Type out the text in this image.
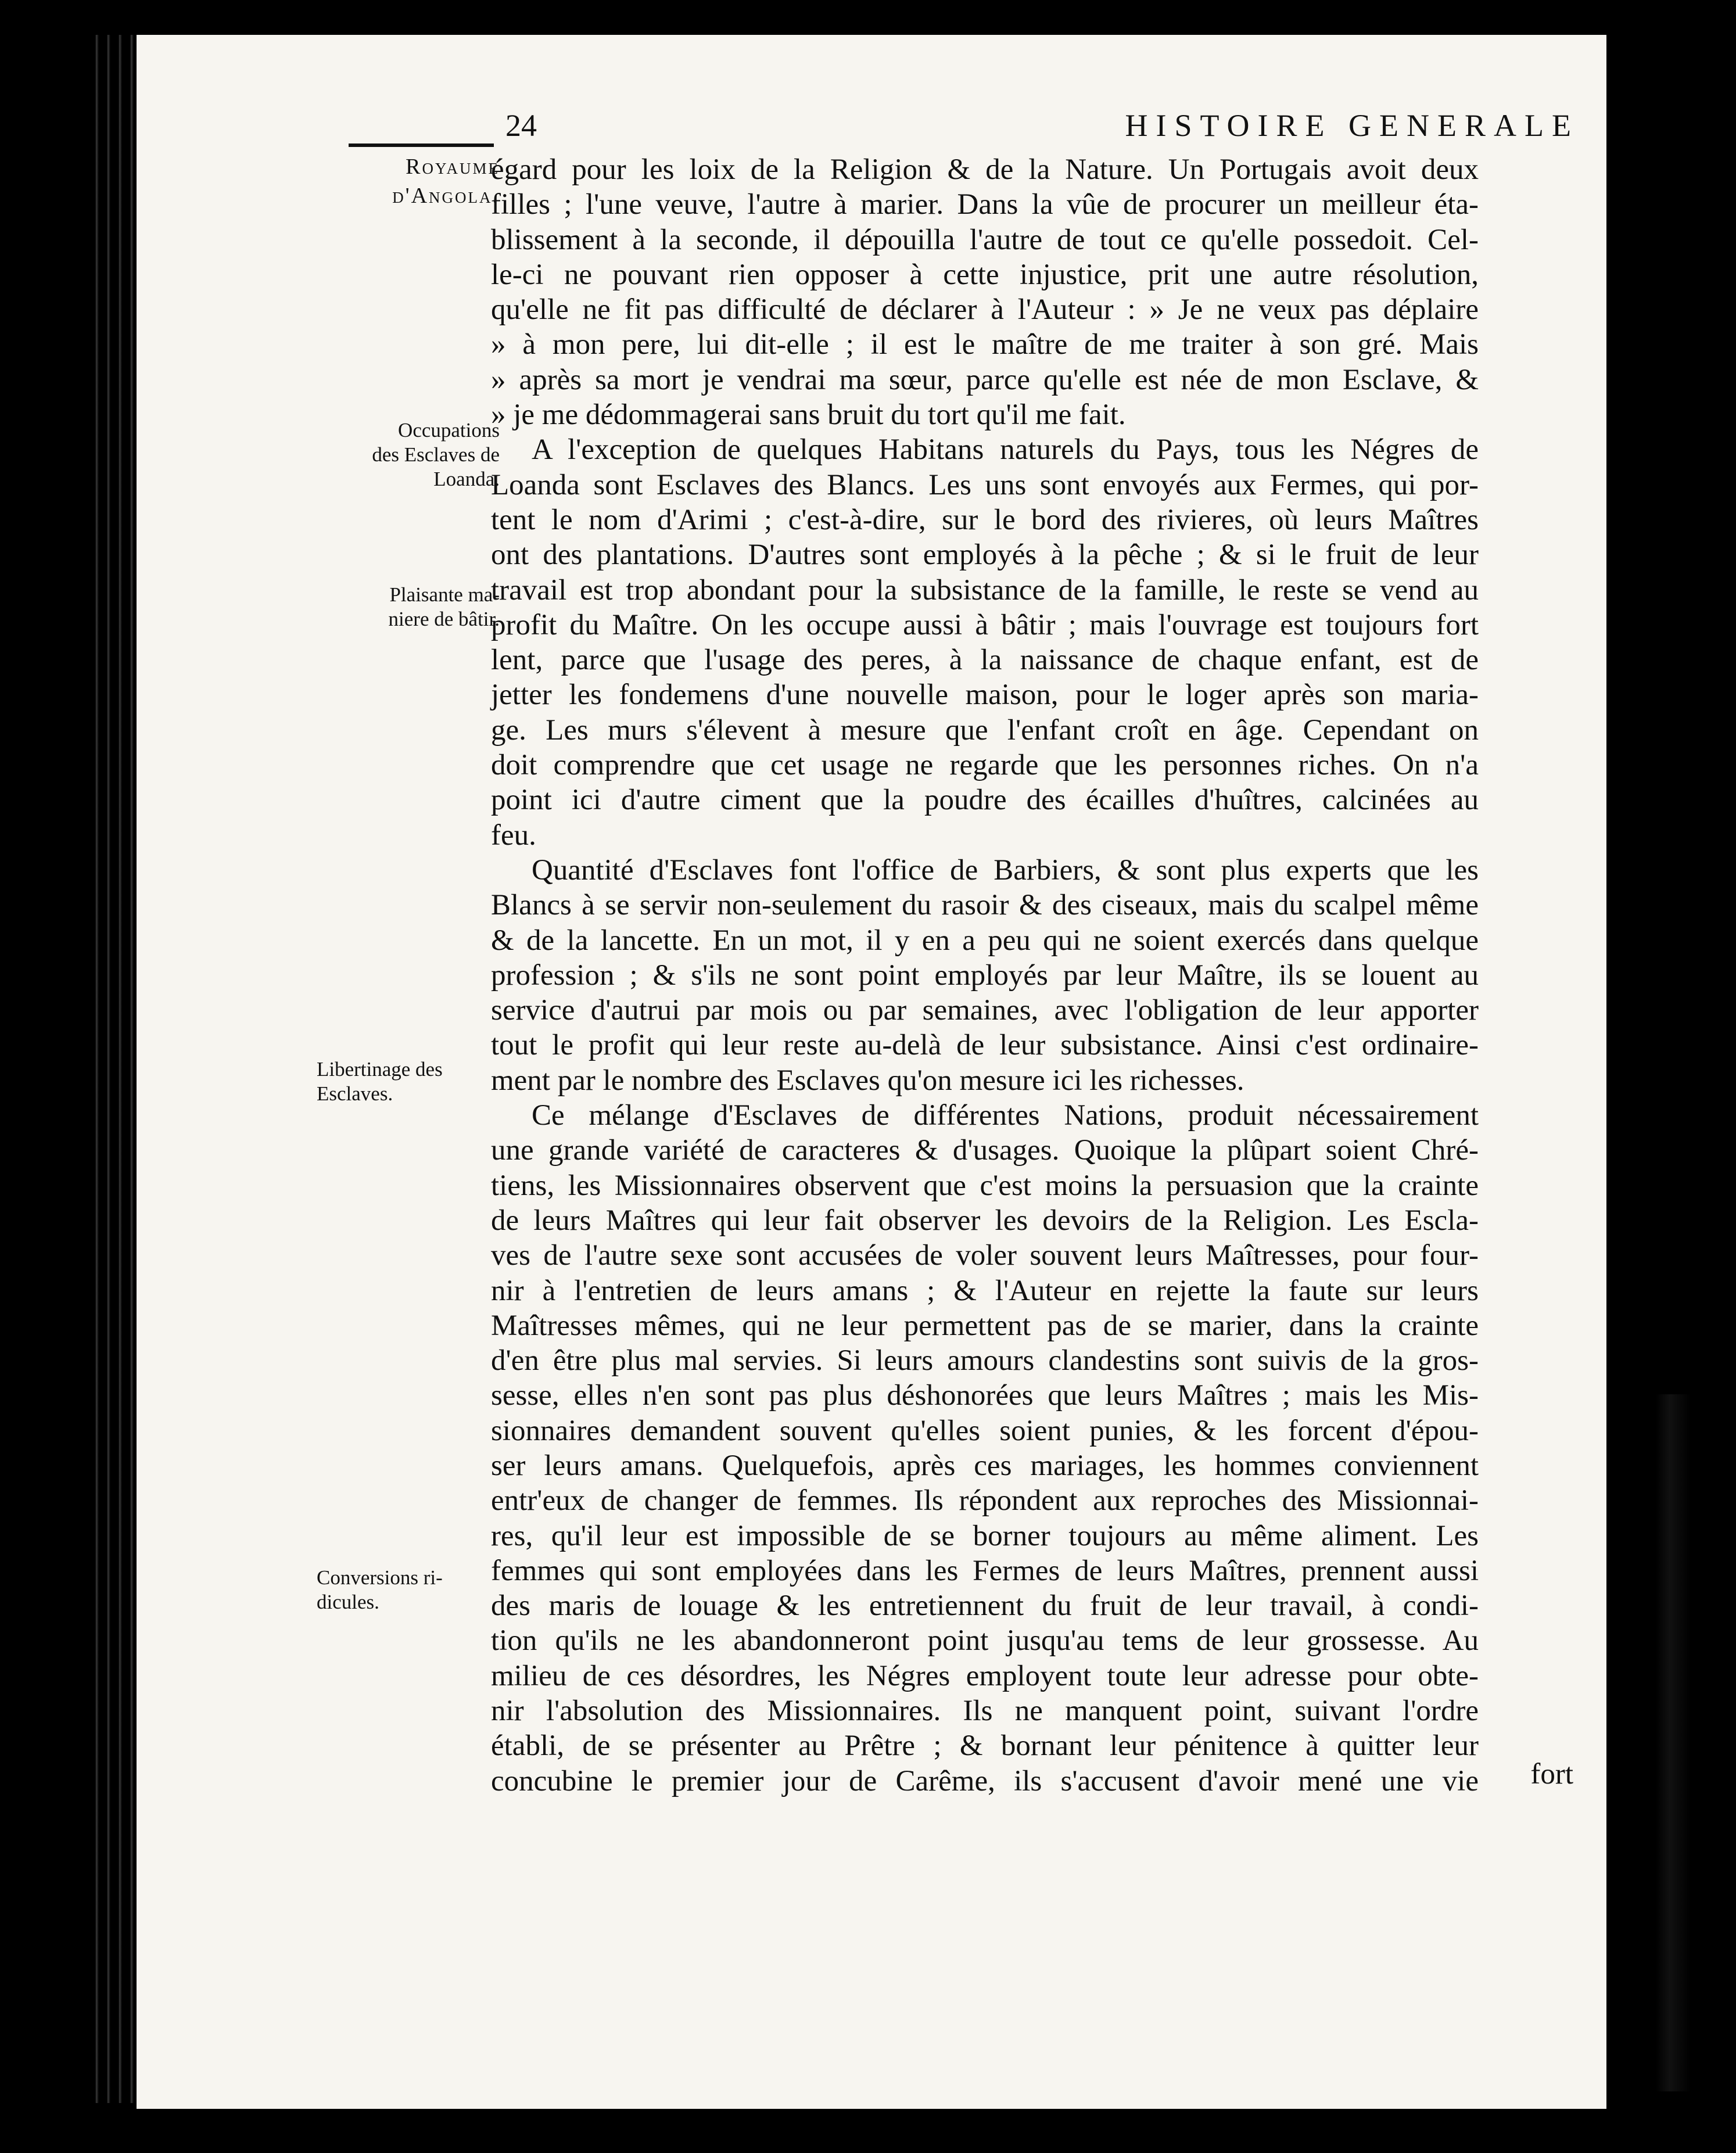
24	HISTOIRE GENERALE
Royaume
d'Angola.
Occupations
des Esclaves de
Loanda.
Plaisante ma-
niere de bâtir.
Libertinage des
Esclaves.
Conversions ri-
dicules.

égard pour les loix de la Religion & de la Nature. Un Portugais avoit deux

filles ; l'une veuve, l'autre à marier. Dans la vûe de procurer un meilleur éta-

blissement à la seconde, il dépouilla l'autre de tout ce qu'elle possedoit. Cel-

le-ci ne pouvant rien opposer à cette injustice, prit une autre résolution,

qu'elle ne fit pas difficulté de déclarer à l'Auteur : » Je ne veux pas déplaire

» à mon pere, lui dit-elle ; il est le maître de me traiter à son gré. Mais

» après sa mort je vendrai ma sœur, parce qu'elle est née de mon Esclave, &

» je me dédommagerai sans bruit du tort qu'il me fait.

A l'exception de quelques Habitans naturels du Pays, tous les Négres de

Loanda sont Esclaves des Blancs. Les uns sont envoyés aux Fermes, qui por-

tent le nom d'Arimi ; c'est-à-dire, sur le bord des rivieres, où leurs Maîtres

ont des plantations. D'autres sont employés à la pêche ; & si le fruit de leur

travail est trop abondant pour la subsistance de la famille, le reste se vend au

profit du Maître. On les occupe aussi à bâtir ; mais l'ouvrage est toujours fort

lent, parce que l'usage des peres, à la naissance de chaque enfant, est de

jetter les fondemens d'une nouvelle maison, pour le loger après son mariа-

ge. Les murs s'élevent à mesure que l'enfant croît en âge. Cependant on

doit comprendre que cet usage ne regarde que les personnes riches. On n'a

point ici d'autre ciment que la poudre des écailles d'huîtres, calcinées au

feu.

Quantité d'Esclaves font l'office de Barbiers, & sont plus experts que les

Blancs à se servir non-seulement du rasoir & des ciseaux, mais du scalpel même

& de la lancette. En un mot, il y en a peu qui ne soient exercés dans quelque

profession ; & s'ils ne sont point employés par leur Maître, ils se louent au

service d'autrui par mois ou par semaines, avec l'obligation de leur apporter

tout le profit qui leur reste au-delà de leur subsistance. Ainsi c'est ordinaire-

ment par le nombre des Esclaves qu'on mesure ici les richesses.

Ce mélange d'Esclaves de différentes Nations, produit nécessairement

une grande variété de caracteres & d'usages. Quoique la plûpart soient Chré-

tiens, les Missionnaires observent que c'est moins la persuasion que la crainte

de leurs Maîtres qui leur fait observer les devoirs de la Religion. Les Escla-

ves de l'autre sexe sont accusées de voler souvent leurs Maîtresses, pour four-

nir à l'entretien de leurs amans ; & l'Auteur en rejette la faute sur leurs

Maîtresses mêmes, qui ne leur permettent pas de se marier, dans la crainte

d'en être plus mal servies. Si leurs amours clandestins sont suivis de la gros-

sesse, elles n'en sont pas plus déshonorées que leurs Maîtres ; mais les Mis-

sionnaires demandent souvent qu'elles soient punies, & les forcent d'épou-

ser leurs amans. Quelquefois, après ces mariages, les hommes conviennent

entr'eux de changer de femmes. Ils répondent aux reproches des Missionnai-

res, qu'il leur est impossible de se borner toujours au même aliment. Les

femmes qui sont employées dans les Fermes de leurs Maîtres, prennent aussi

des maris de louage & les entretiennent du fruit de leur travail, à condi-

tion qu'ils ne les abandonneront point jusqu'au tems de leur grossesse. Au

milieu de ces désordres, les Négres employent toute leur adresse pour obte-

nir l'absolution des Missionnaires. Ils ne manquent point, suivant l'ordre

établi, de se présenter au Prêtre ; & bornant leur pénitence à quitter leur

concubine le premier jour de Carême, ils s'accusent d'avoir mené une vie fort
